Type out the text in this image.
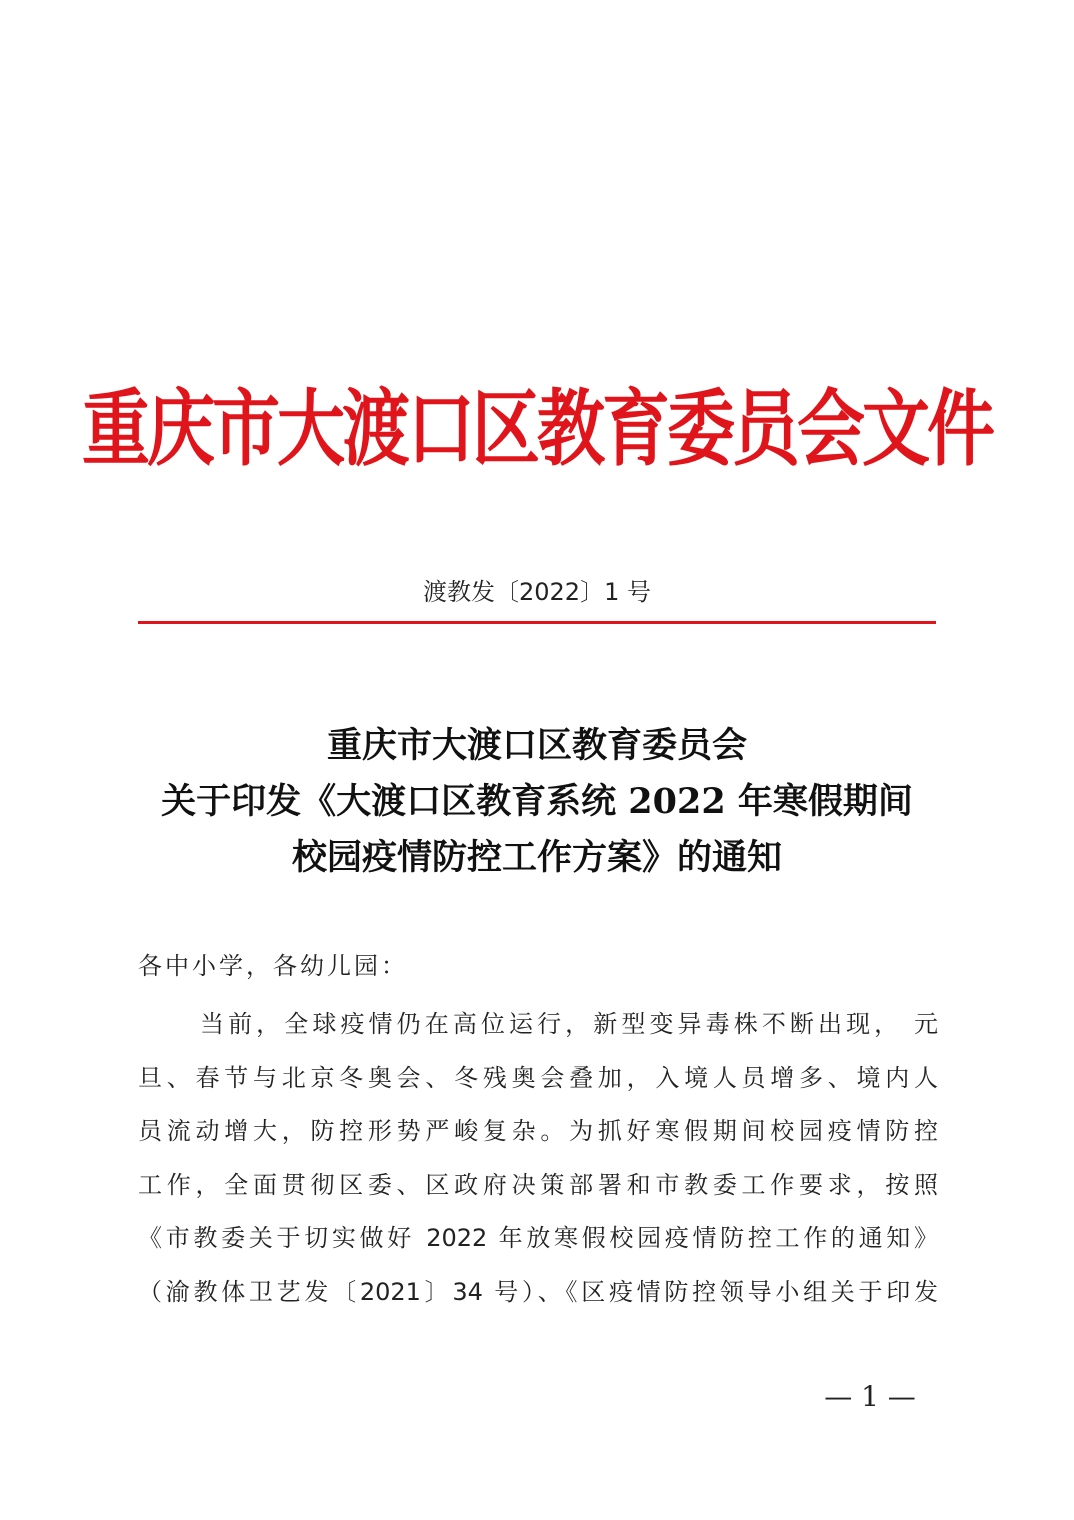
重庆市大渡口区教育委员会文件
渡教发〔2022〕1 号
重庆市大渡口区教育委员会
关于印发《大渡口区教育系统 2022 年寒假期间
校园疫情防控工作方案》的通知
各中小学，各幼儿园：
当前，全球疫情仍在高位运行，新型变异毒株不断出现， 元
旦、春节与北京冬奥会、冬残奥会叠加，入境人员增多、境内人
员流动增大，防控形势严峻复杂。为抓好寒假期间校园疫情防控
工作，全面贯彻区委、区政府决策部署和市教委工作要求，按照
《市教委关于切实做好 2022 年放寒假校园疫情防控工作的通知》
（渝教体卫艺发〔2021〕34 号）、《区疫情防控领导小组关于印发
— 1 —
